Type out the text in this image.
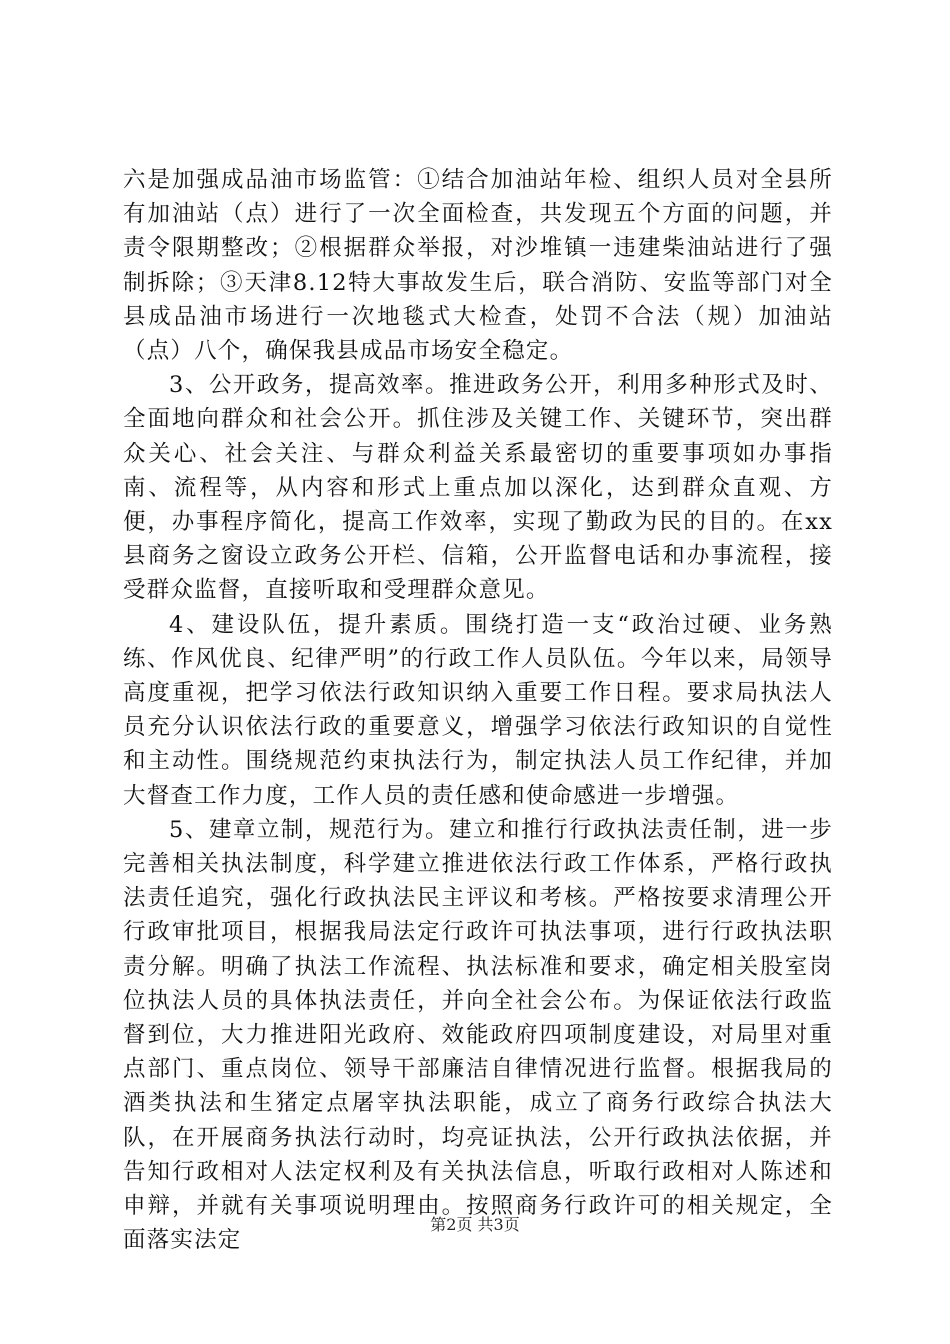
六是加强成品油市场监管：①结合加油站年检、组织人员对全县所有加油站（点）进行了一次全面检查，共发现五个方面的问题，并责令限期整改；②根据群众举报，对沙堆镇一违建柴油站进行了强制拆除；③天津8.12特大事故发生后，联合消防、安监等部门对全县成品油市场进行一次地毯式大检查，处罚不合法（规）加油站（点）八个，确保我县成品市场安全稳定。

3、公开政务，提高效率。推进政务公开，利用多种形式及时、全面地向群众和社会公开。抓住涉及关键工作、关键环节，突出群众关心、社会关注、与群众利益关系最密切的重要事项如办事指南、流程等，从内容和形式上重点加以深化，达到群众直观、方便，办事程序简化，提高工作效率，实现了勤政为民的目的。在xx县商务之窗设立政务公开栏、信箱，公开监督电话和办事流程，接受群众监督，直接听取和受理群众意见。

4、建设队伍，提升素质。围绕打造一支“政治过硬、业务熟练、作风优良、纪律严明”的行政工作人员队伍。今年以来，局领导高度重视，把学习依法行政知识纳入重要工作日程。要求局执法人员充分认识依法行政的重要意义，增强学习依法行政知识的自觉性和主动性。围绕规范约束执法行为，制定执法人员工作纪律，并加大督查工作力度，工作人员的责任感和使命感进一步增强。

5、建章立制，规范行为。建立和推行行政执法责任制，进一步完善相关执法制度，科学建立推进依法行政工作体系，严格行政执法责任追究，强化行政执法民主评议和考核。严格按要求清理公开行政审批项目，根据我局法定行政许可执法事项，进行行政执法职责分解。明确了执法工作流程、执法标准和要求，确定相关股室岗位执法人员的具体执法责任，并向全社会公布。为保证依法行政监督到位，大力推进阳光政府、效能政府四项制度建设，对局里对重点部门、重点岗位、领导干部廉洁自律情况进行监督。根据我局的酒类执法和生猪定点屠宰执法职能，成立了商务行政综合执法大队，在开展商务执法行动时，均亮证执法，公开行政执法依据，并告知行政相对人法定权利及有关执法信息，听取行政相对人陈述和申辩，并就有关事项说明理由。按照商务行政许可的相关规定，全面落实法定

第2页 共3页
